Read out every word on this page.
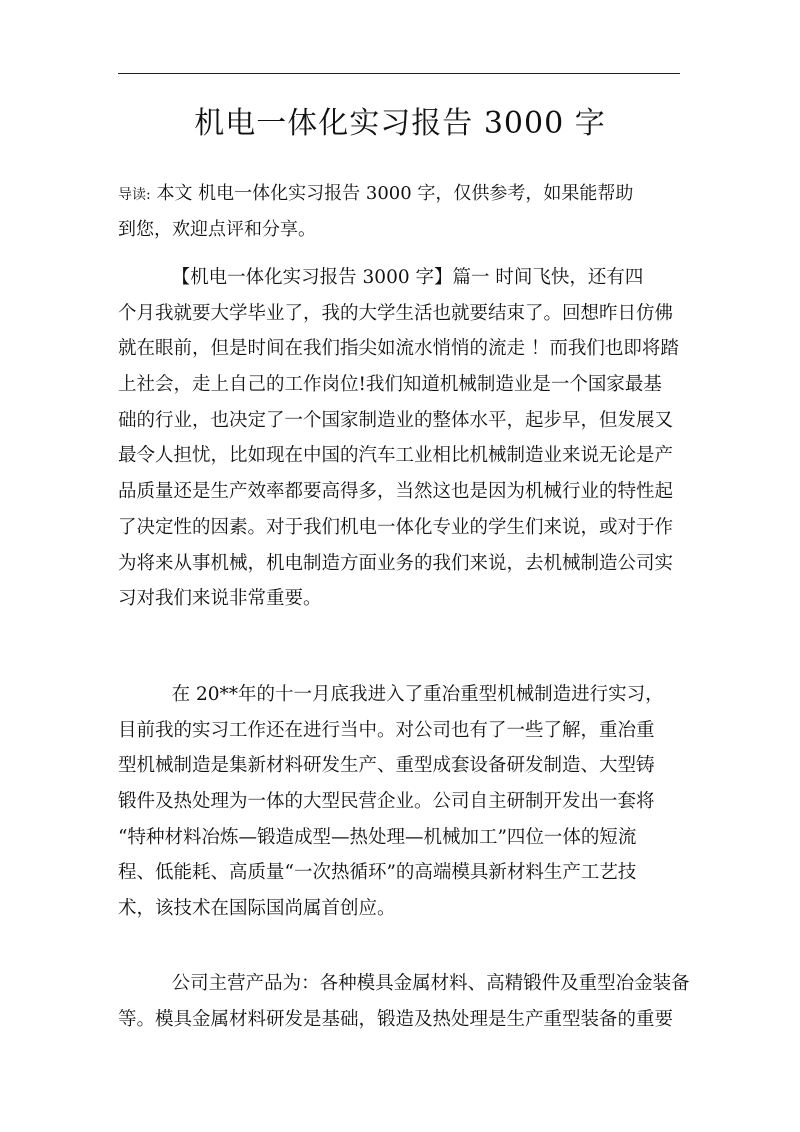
机电一体化实习报告 3000 字
导读: 本文 机电一体化实习报告 3000 字，仅供参考，如果能帮助
到您，欢迎点评和分享。
【机电一体化实习报告 3000 字】篇一 时间飞快，还有四
个月我就要大学毕业了，我的大学生活也就要结束了。回想昨日仿佛
就在眼前，但是时间在我们指尖如流水悄悄的流走 ！而我们也即将踏
上社会，走上自己的工作岗位!我们知道机械制造业是一个国家最基
础的行业，也决定了一个国家制造业的整体水平，起步早，但发展又
最令人担忧，比如现在中国的汽车工业相比机械制造业来说无论是产
品质量还是生产效率都要高得多，当然这也是因为机械行业的特性起
了决定性的因素。对于我们机电一体化专业的学生们来说，或对于作
为将来从事机械，机电制造方面业务的我们来说，去机械制造公司实
习对我们来说非常重要。
在 20**年的十一月底我进入了重冶重型机械制造进行实习，
目前我的实习工作还在进行当中。对公司也有了一些了解，重冶重
型机械制造是集新材料研发生产、重型成套设备研发制造、大型铸
锻件及热处理为一体的大型民营企业。公司自主研制开发出一套将
“特种材料冶炼—锻造成型—热处理—机械加工”四位一体的短流
程、低能耗、高质量“一次热循环”的高端模具新材料生产工艺技
术，该技术在国际国尚属首创应。
公司主营产品为：各种模具金属材料、高精锻件及重型冶金装备
等。模具金属材料研发是基础，锻造及热处理是生产重型装备的重要
